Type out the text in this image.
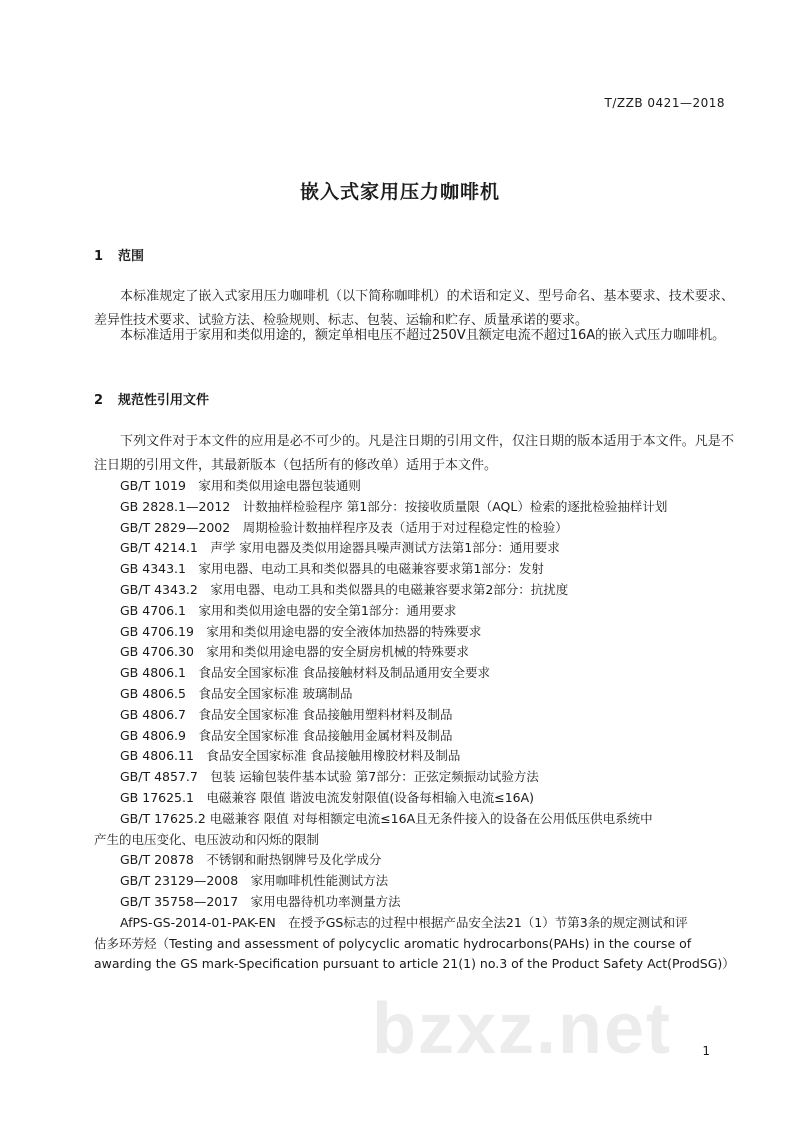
T/ZZB 0421—2018
嵌入式家用压力咖啡机
1 范围

本标准规定了嵌入式家用压力咖啡机（以下简称咖啡机）的术语和定义、型号命名、基本要求、技术要求、差异性技术要求、试验方法、检验规则、标志、包装、运输和贮存、质量承诺的要求。

本标准适用于家用和类似用途的，额定单相电压不超过250V且额定电流不超过16A的嵌入式压力咖啡机。

2 规范性引用文件

下列文件对于本文件的应用是必不可少的。凡是注日期的引用文件，仅注日期的版本适用于本文件。凡是不注日期的引用文件，其最新版本（包括所有的修改单）适用于本文件。

GB/T 1019　家用和类似用途电器包装通则
GB 2828.1—2012　计数抽样检验程序 第1部分：按接收质量限（AQL）检索的逐批检验抽样计划
GB/T 2829—2002　周期检验计数抽样程序及表（适用于对过程稳定性的检验）
GB/T 4214.1　声学 家用电器及类似用途器具噪声测试方法第1部分：通用要求
GB 4343.1　家用电器、电动工具和类似器具的电磁兼容要求第1部分：发射
GB/T 4343.2　家用电器、电动工具和类似器具的电磁兼容要求第2部分：抗扰度
GB 4706.1　家用和类似用途电器的安全第1部分：通用要求
GB 4706.19　家用和类似用途电器的安全液体加热器的特殊要求
GB 4706.30　家用和类似用途电器的安全厨房机械的特殊要求
GB 4806.1　食品安全国家标准 食品接触材料及制品通用安全要求
GB 4806.5　食品安全国家标准 玻璃制品
GB 4806.7　食品安全国家标准 食品接触用塑料材料及制品
GB 4806.9　食品安全国家标准 食品接触用金属材料及制品
GB 4806.11　食品安全国家标准 食品接触用橡胶材料及制品
GB/T 4857.7　包装 运输包装件基本试验 第7部分：正弦定频振动试验方法
GB 17625.1　电磁兼容 限值 谐波电流发射限值(设备每相输入电流≤16A)
GB/T 17625.2 电磁兼容 限值 对每相额定电流≤16A且无条件接入的设备在公用低压供电系统中
产生的电压变化、电压波动和闪烁的限制
GB/T 20878　不锈钢和耐热钢牌号及化学成分
GB/T 23129—2008　家用咖啡机性能测试方法
GB/T 35758—2017　家用电器待机功率测量方法
AfPS-GS-2014-01-PAK-EN　在授予GS标志的过程中根据产品安全法21（1）节第3条的规定测试和评
估多环芳烃（Testing and assessment of polycyclic aromatic hydrocarbons(PAHs) in the course of awarding the GS mark-Specification pursuant to article 21(1) no.3 of the Product Safety Act(ProdSG)）
bzxz.net	1
